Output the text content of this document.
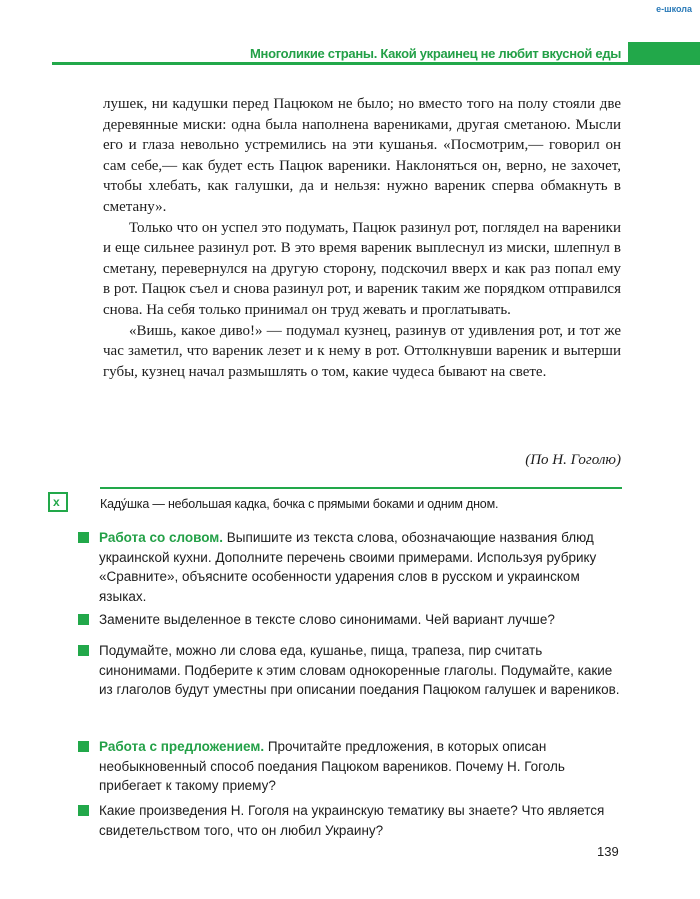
e-школа
Многоликие страны. Какой украинец не любит вкусной еды

лушек, ни кадушки перед Пацюком не было; но вместо того на полу стояли две деревянные миски: одна была наполнена варениками, другая сметаною. Мысли его и глаза невольно устремились на эти кушанья. «Посмотрим,— говорил он сам себе,— как будет есть Пацюк вареники. Наклоняться он, верно, не захочет, чтобы хлебать, как галушки, да и нельзя: нужно вареник сперва обмакнуть в сметану».

Только что он успел это подумать, Пацюк разинул рот, поглядел на вареники и еще сильнее разинул рот. В это время вареник выплеснул из миски, шлепнул в сметану, перевернулся на другую сторону, подскочил вверх и как раз попал ему в рот. Пацюк съел и снова разинул рот, и вареник таким же порядком отправился снова. На себя только принимал он труд жевать и проглатывать.

«Вишь, какое диво!» — подумал кузнец, разинув от удивления рот, и тот же час заметил, что вареник лезет и к нему в рот. Оттолкнувши вареник и вытерши губы, кузнец начал размышлять о том, какие чудеса бывают на свете.

(По Н. Гоголю)
x	Каду́шка — небольшая кадка, бочка с прямыми боками и одним дном.
Работа со словом. Выпишите из текста слова, обозначающие названия блюд украинской кухни. Дополните перечень своими примерами. Используя рубрику «Сравните», объясните особенности ударения слов в русском и украинском языках.
Замените выделенное в тексте слово синонимами. Чей вариант лучше?
Подумайте, можно ли слова еда, кушанье, пища, трапеза, пир считать синонимами. Подберите к этим словам однокоренные глаголы. Подумайте, какие из глаголов будут уместны при описании поедания Пацюком галушек и вареников.
Работа с предложением. Прочитайте предложения, в которых описан необыкновенный способ поедания Пацюком вареников. Почему Н. Гоголь прибегает к такому приему?
Какие произведения Н. Гоголя на украинскую тематику вы знаете? Что является свидетельством того, что он любил Украину?
139
